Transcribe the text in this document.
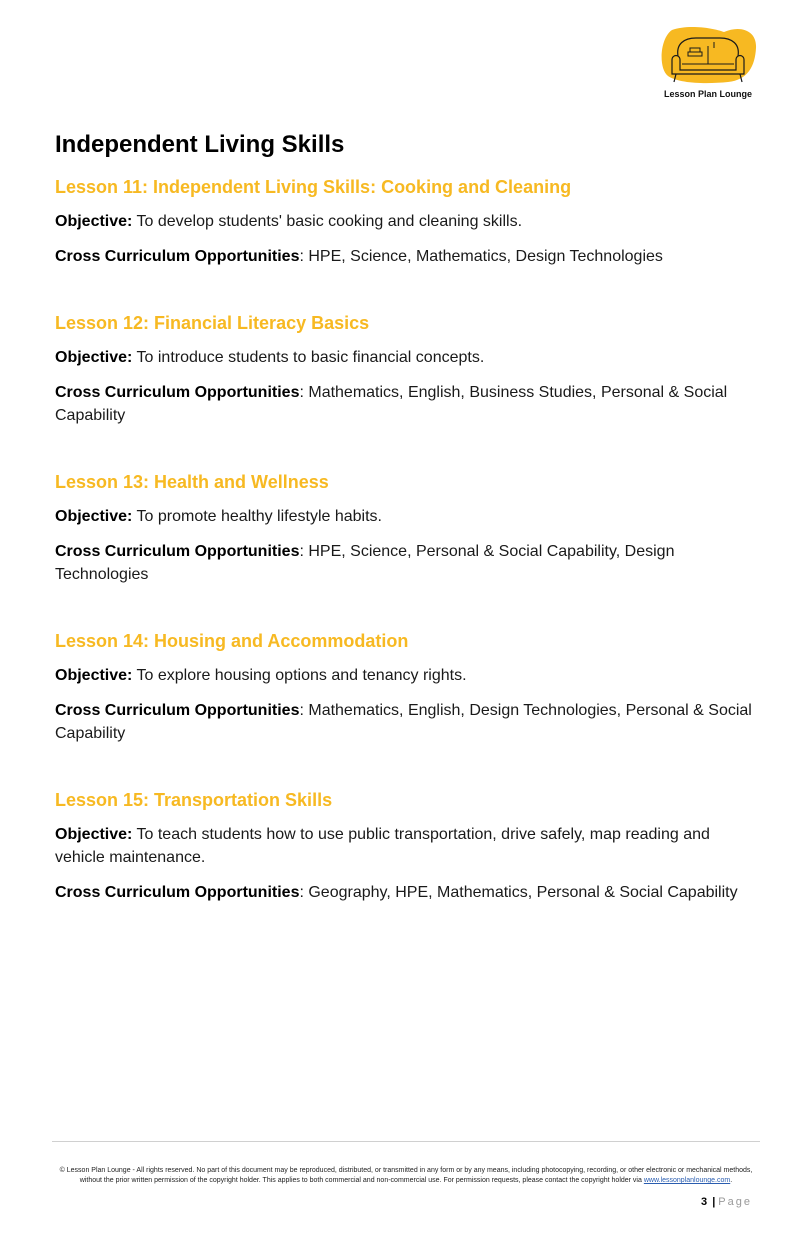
Lesson Plan Lounge
Independent Living Skills
Lesson 11: Independent Living Skills: Cooking and Cleaning

Objective: To develop students' basic cooking and cleaning skills.

Cross Curriculum Opportunities: HPE, Science, Mathematics, Design Technologies

Lesson 12: Financial Literacy Basics

Objective: To introduce students to basic financial concepts.

Cross Curriculum Opportunities: Mathematics, English, Business Studies, Personal & Social Capability

Lesson 13: Health and Wellness

Objective: To promote healthy lifestyle habits.

Cross Curriculum Opportunities: HPE, Science, Personal & Social Capability, Design Technologies

Lesson 14: Housing and Accommodation

Objective: To explore housing options and tenancy rights.

Cross Curriculum Opportunities: Mathematics, English, Design Technologies, Personal & Social Capability

Lesson 15: Transportation Skills

Objective: To teach students how to use public transportation, drive safely, map reading and vehicle maintenance.

Cross Curriculum Opportunities: Geography, HPE, Mathematics, Personal & Social Capability

© Lesson Plan Lounge - All rights reserved. No part of this document may be reproduced, distributed, or transmitted in any form or by any means, including photocopying, recording, or other electronic or mechanical methods, without the prior written permission of the copyright holder. This applies to both commercial and non-commercial use. For permission requests, please contact the copyright holder via www.lessonplanlounge.com.
3 | Page
